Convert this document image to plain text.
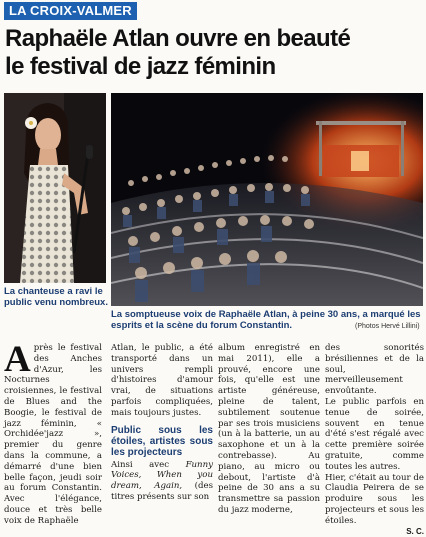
LA CROIX-VALMER
Raphaële Atlan ouvre en beauté
le festival de jazz féminin
La chanteuse a ravi le public venu nombreux.
La somptueuse voix de Raphaële Atlan, à peine 30 ans, a marqué les esprits et la scène du forum Constantin.	(Photos Hervé Lillini)
A près le festival des Anches d'Azur, les Nocturnes croisiennes, le festival de Blues and the Boogie, le festival de jazz féminin, « Orchidée'jazz », premier du genre dans la commune, a démarré d'une bien belle façon, jeudi soir au forum Constantin. Avec l'élégance, douce et très belle voix de Raphaële

Atlan, le public, a été transporté dans un univers rempli d'histoires d'amour vrai, de situations parfois compliquées, mais toujours justes.

Public sous les étoiles, artistes sous les projecteurs

Ainsi avec Funny Voices, When you dream, Again, (des titres présents sur son

album enregistré en mai 2011), elle a prouvé, encore une fois, qu'elle est une artiste généreuse, pleine de talent, subtilement soutenue par ses trois musiciens (un à la batterie, un au saxophone et un à la contrebasse). Au piano, au micro ou debout, l'artiste d'à peine de 30 ans a su transmettre sa passion du jazz moderne,

des sonorités brésiliennes et de la soul, merveilleusement envoûtante.

Le public parfois en tenue de soirée, souvent en tenue d'été s'est régalé avec cette première soirée gratuite, comme toutes les autres.

Hier, c'était au tour de Claudia Peirera de se produire sous les projecteurs et sous les étoiles.

S. C.
